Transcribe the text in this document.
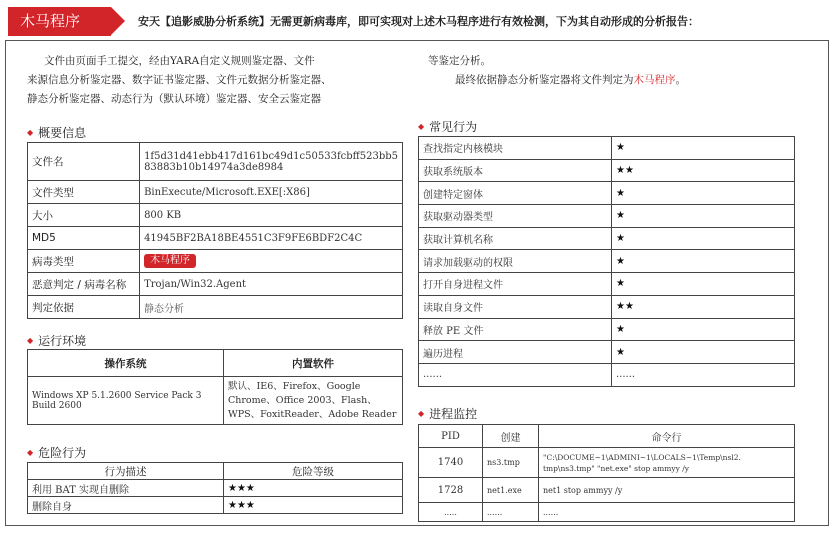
木马程序	安天【追影威胁分析系统】无需更新病毒库，即可实现对上述木马程序进行有效检测，下为其自动形成的分析报告：
文件由页面手工提交，经由YARA自定义规则鉴定器、文件
来源信息分析鉴定器、数字证书鉴定器、文件元数据分析鉴定器、
静态分析鉴定器、动态行为（默认环境）鉴定器、安全云鉴定器
等鉴定分析。
最终依据静态分析鉴定器将文件判定为木马程序。
◆ 概要信息
文件名	1f5d31d41ebb417d161bc49d1c50533fcbff523bb5
83883b10b14974a3de8984

文件类型	BinExecute/Microsoft.EXE[:X86]
大小	800 KB
MD5	41945BF2BA18BE4551C3F9FE6BDF2C4C
病毒类型	木马程序
恶意判定 / 病毒名称	Trojan/Win32.Agent
判定依据	静态分析
◆ 运行环境
操作系统	内置软件
Windows XP 5.1.2600 Service Pack 3 Build 2600	默认、IE6、Firefox、Google
Chrome、Office 2003、Flash、
WPS、FoxitReader、Adobe Reader
◆ 危险行为
行为描述	危险等级
利用 BAT 实现自删除	★★★
删除自身	★★★
◆ 常见行为
查找指定内核模块	★
获取系统版本	★★
创建特定窗体	★
获取驱动器类型	★
获取计算机名称	★
请求加载驱动的权限	★
打开自身进程文件	★
读取自身文件	★★
释放 PE 文件	★
遍历进程	★
......	......
◆ 进程监控
PID	创建	命令行
1740	ns3.tmp	"C:\DOCUME~1\ADMINI~1\LOCALS~1\Temp\nsl2.
tmp\ns3.tmp" "net.exe" stop ammyy /y

1728	net1.exe	net1 stop ammyy /y
.....	......	......
